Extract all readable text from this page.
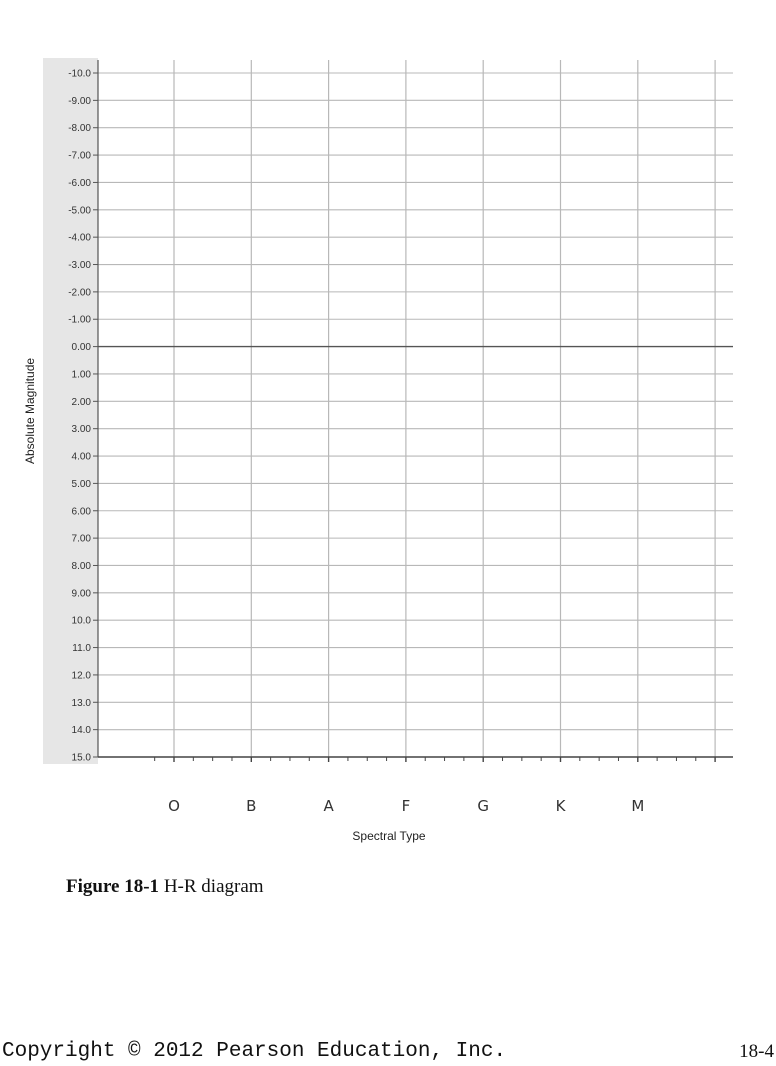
-10.0
-9.00
-8.00
-7.00
-6.00
-5.00
-4.00
-3.00
-2.00
-1.00
0.00
1.00
2.00
3.00
4.00
5.00
6.00
7.00
8.00
9.00
10.0
11.0
12.0
13.0
14.0
15.0
O	B	A	F	G	K	M
Spectral Type
Absolute Magnitude
Figure 18-1 H-R diagram
Copyright © 2012 Pearson Education, Inc.	18-4
